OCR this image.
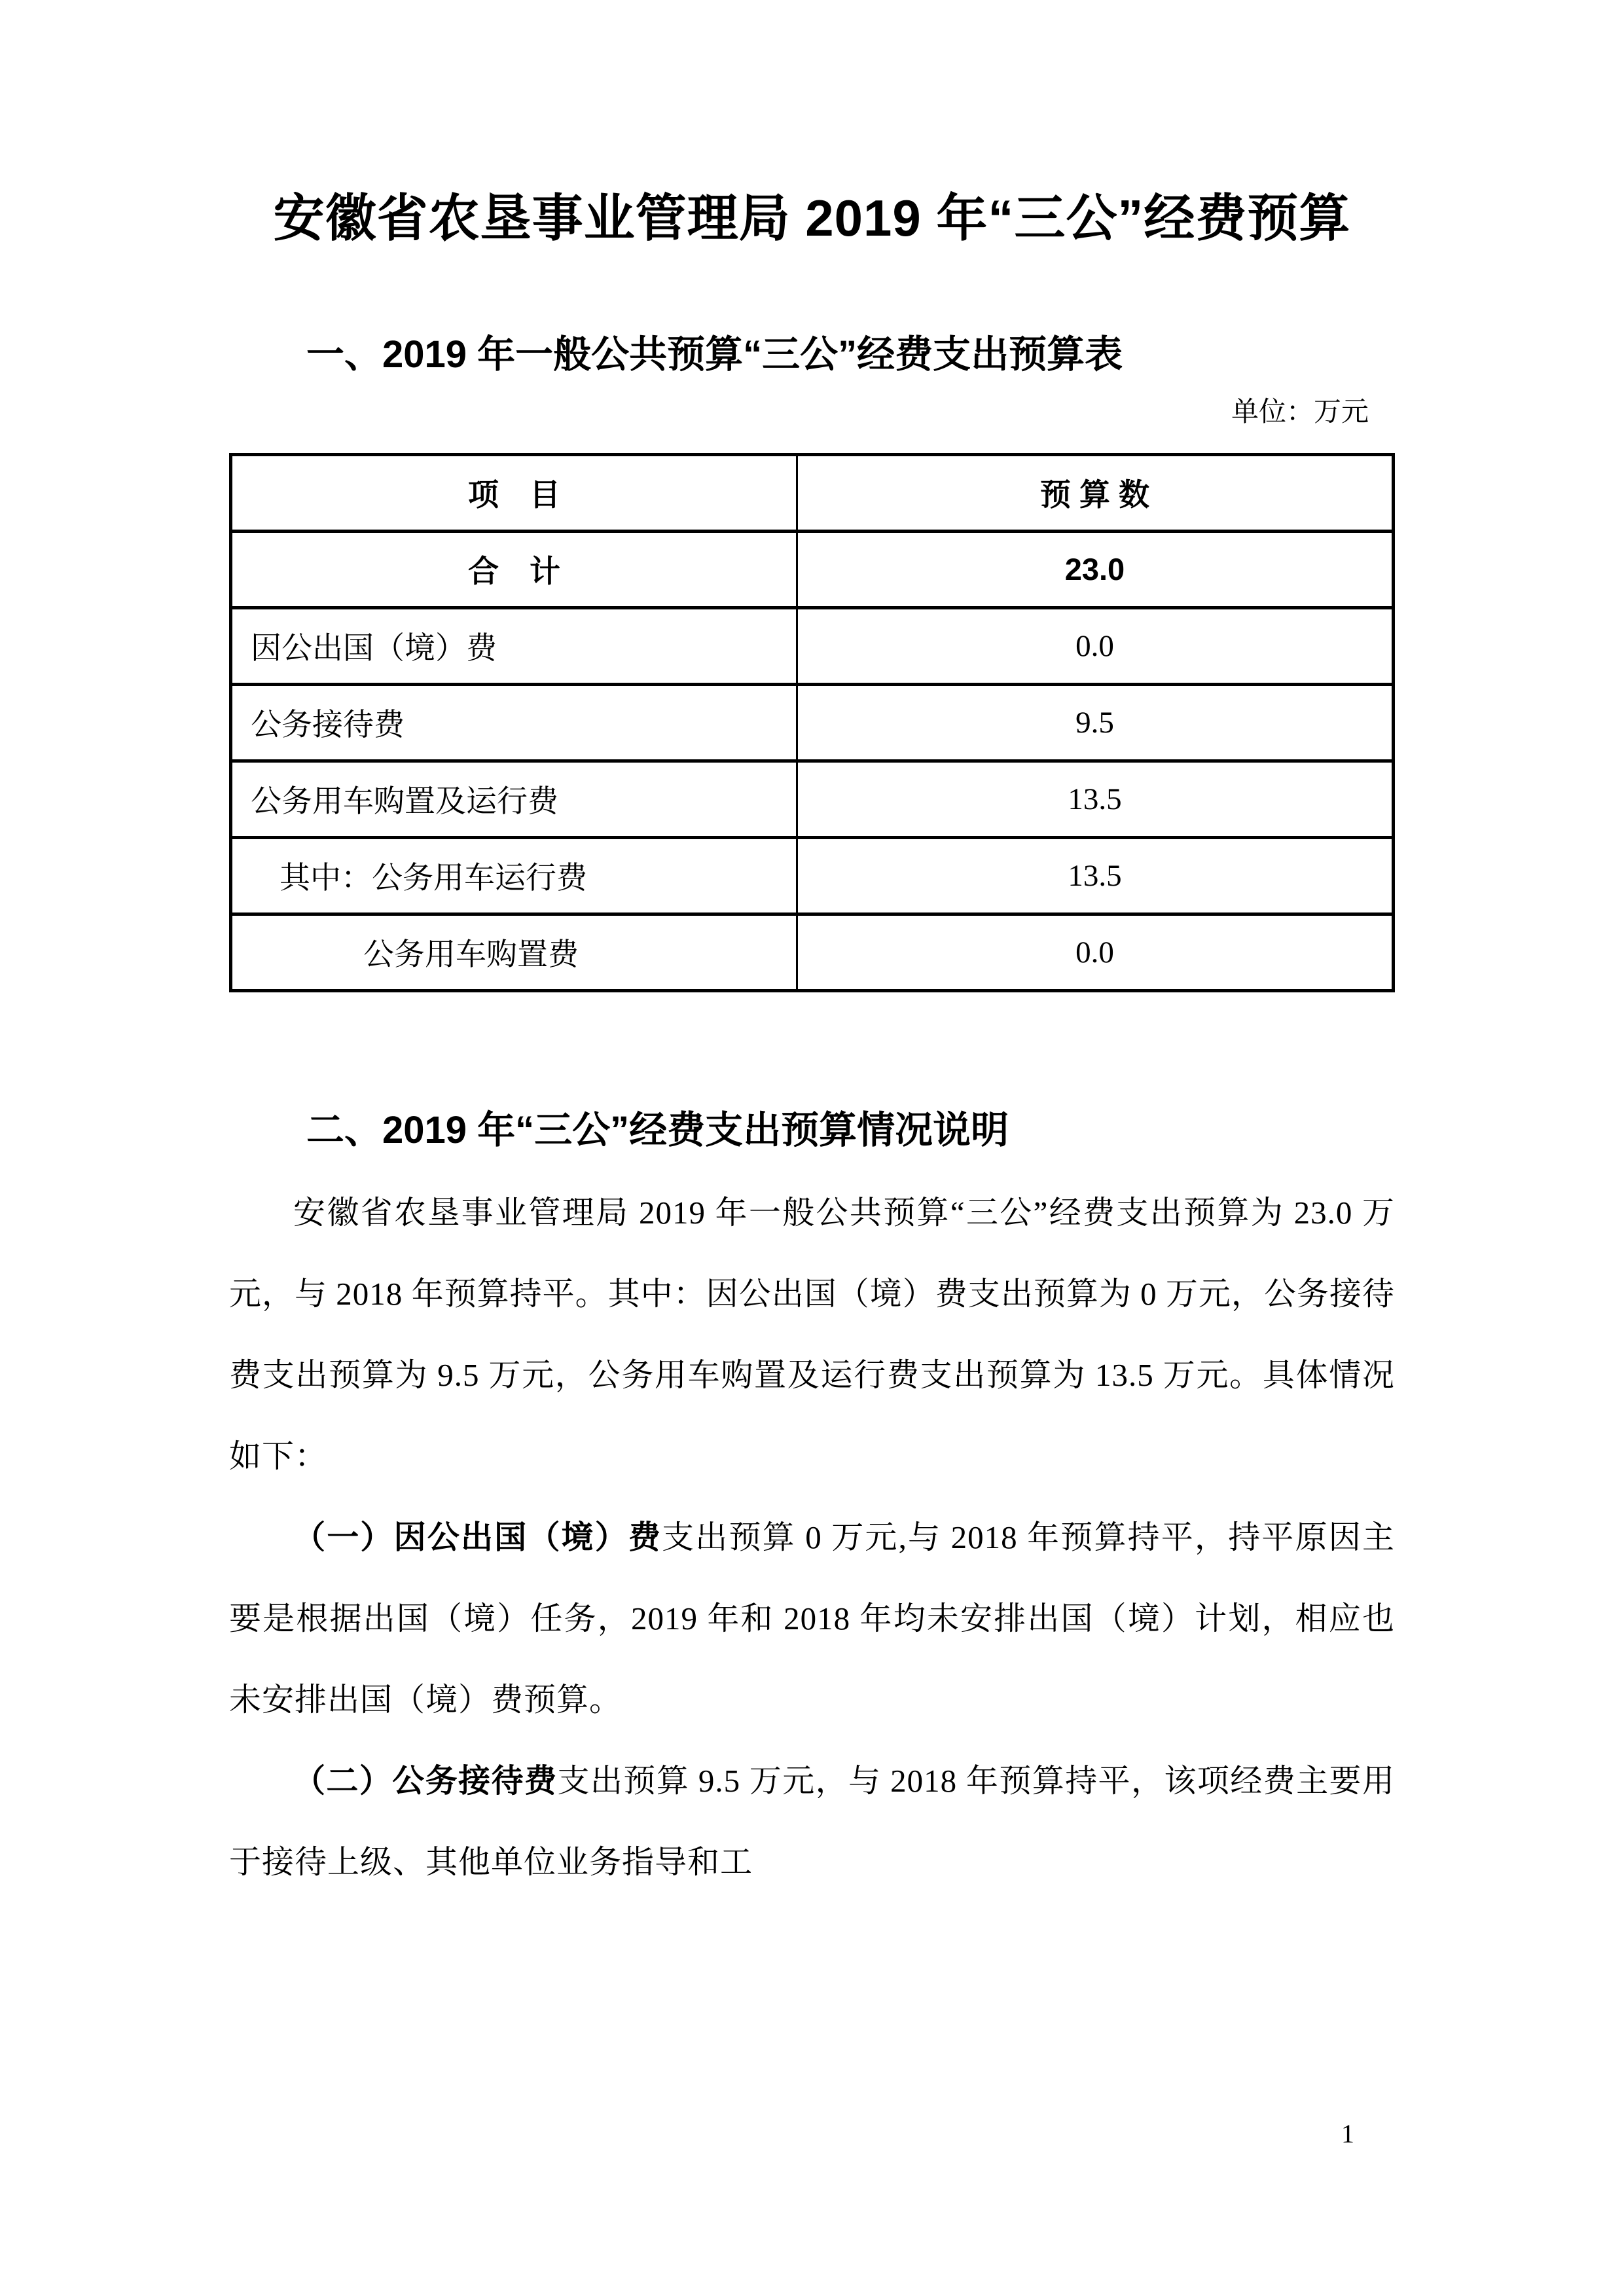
安徽省农垦事业管理局 2019 年“三公”经费预算
一、2019 年一般公共预算“三公”经费支出预算表

单位：万元

项　目	预 算 数
合　计	23.0
因公出国（境）费	0.0
公务接待费	9.5
公务用车购置及运行费	13.5
其中：公务用车运行费	13.5
公务用车购置费	0.0
二、2019 年“三公”经费支出预算情况说明

安徽省农垦事业管理局 2019 年一般公共预算“三公”经费支出预算为 23.0 万元，与 2018 年预算持平。其中：因公出国（境）费支出预算为 0 万元，公务接待费支出预算为 9.5 万元，公务用车购置及运行费支出预算为 13.5 万元。具体情况如下：

（一）因公出国（境）费支出预算 0 万元,与 2018 年预算持平，持平原因主要是根据出国（境）任务，2019 年和 2018 年均未安排出国（境）计划，相应也未安排出国（境）费预算。

（二）公务接待费支出预算 9.5 万元，与 2018 年预算持平，该项经费主要用于接待上级、其他单位业务指导和工

1
